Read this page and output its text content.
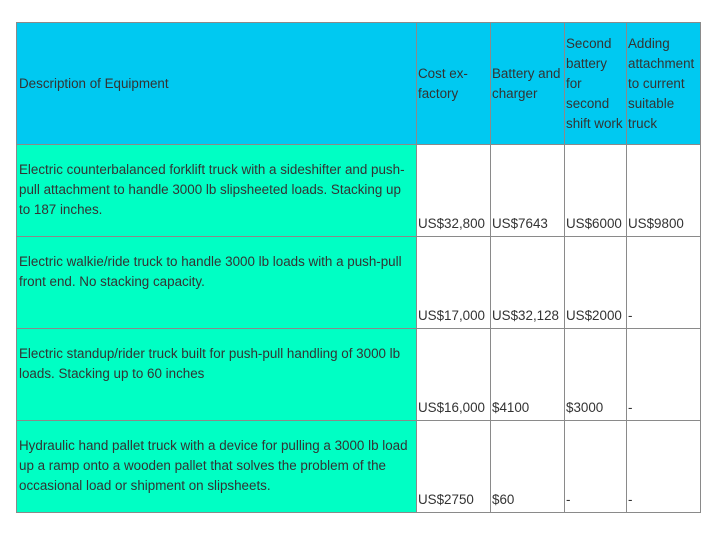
Description of Equipment	Cost ex-factory	Battery and charger	Second battery for second shift work	Adding attachment to current suitable truck
Electric counterbalanced forklift truck with a sideshifter and push-pull attachment to handle 3000 lb slipsheeted loads. Stacking up to 187 inches.	US$32,800	US$7643	US$6000	US$9800
Electric walkie/ride truck to handle 3000 lb loads with a push-pull front end. No stacking capacity.	US$17,000	US$32,128	US$2000	-
Electric standup/rider truck built for push-pull handling of 3000 lb loads. Stacking up to 60 inches	US$16,000	$4100	$3000	-
Hydraulic hand pallet truck with a device for pulling a 3000 lb load up a ramp onto a wooden pallet that solves the problem of the occasional load or shipment on slipsheets.	US$2750	$60	-	-
